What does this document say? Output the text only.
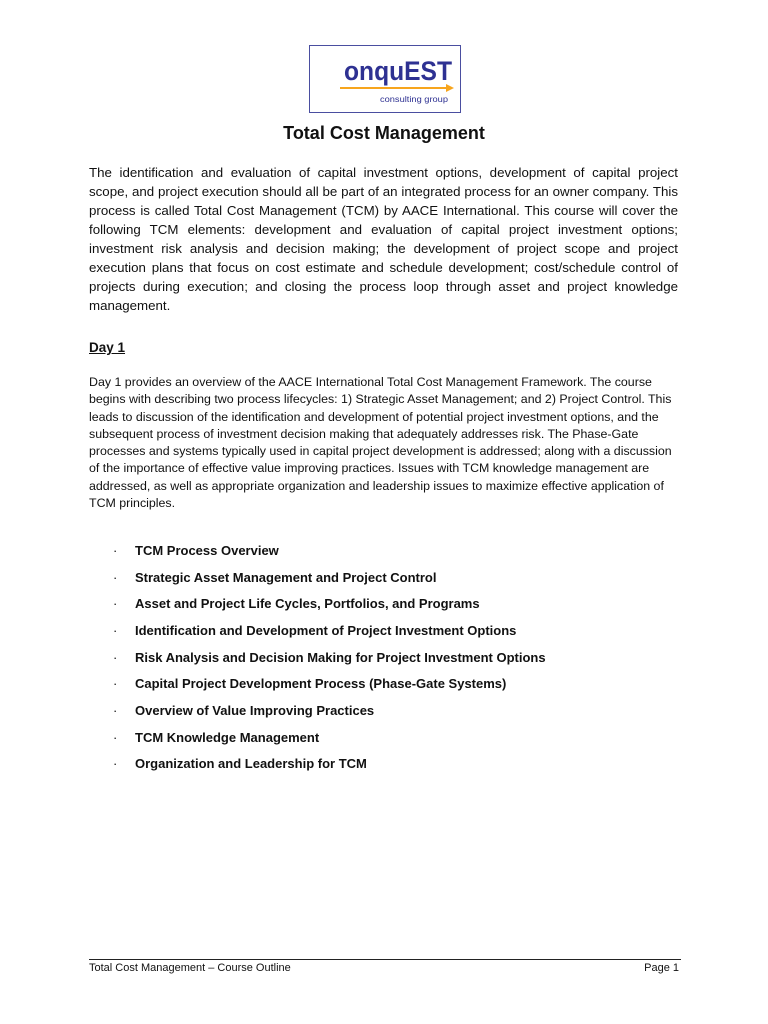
onquEST
consulting group
Total Cost Management

The identification and evaluation of capital investment options, development of capital project scope, and project execution should all be part of an integrated process for an owner company. This process is called Total Cost Management (TCM) by AACE International. This course will cover the following TCM elements: development and evaluation of capital project investment options; investment risk analysis and decision making; the development of project scope and project execution plans that focus on cost estimate and schedule development; cost/schedule control of projects during execution; and closing the process loop through asset and project knowledge management.

Day 1

Day 1 provides an overview of the AACE International Total Cost Management Framework. The course begins with describing two process lifecycles: 1) Strategic Asset Management; and 2) Project Control. This leads to discussion of the identification and development of potential project investment options, and the subsequent process of investment decision making that adequately addresses risk. The Phase-Gate processes and systems typically used in capital project development is addressed; along with a discussion of the importance of effective value improving practices. Issues with TCM knowledge management are addressed, as well as appropriate organization and leadership issues to maximize effective application of TCM principles.

·	TCM Process Overview
·	Strategic Asset Management and Project Control
·	Asset and Project Life Cycles, Portfolios, and Programs
·	Identification and Development of Project Investment Options
·	Risk Analysis and Decision Making for Project Investment Options
·	Capital Project Development Process (Phase-Gate Systems)
·	Overview of Value Improving Practices
·	TCM Knowledge Management
·	Organization and Leadership for TCM
Total Cost Management – Course Outline	Page 1
